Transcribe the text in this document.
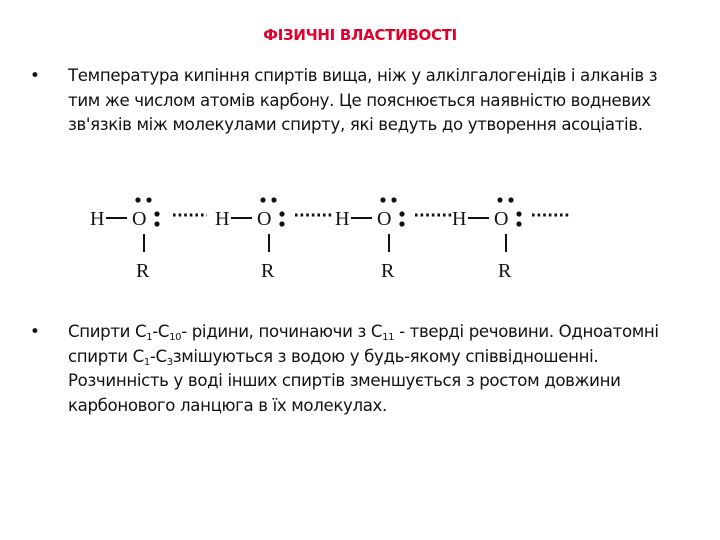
ФІЗИЧНІ ВЛАСТИВОСТІ
• Температура кипіння спиртів вища, ніж у алкілгалогенідів і алканів з тим же числом атомів карбону. Це пояснюється наявністю водневих зв'язків між молекулами спирту, які ведуть до утворення асоціатів.
H O
R
H O
R
H O
R
H O
R
• Спирти $С_1-С_{10}-$ рідини, починаючи з $С_{11}$ - тверді речовини. Одноатомні спирти $С_1-С_3змішуються$ з водою у будь-якому співвідношенні. Розчинність у воді інших спиртів зменшується з ростом довжини карбонового ланцюга в їх молекулах.
